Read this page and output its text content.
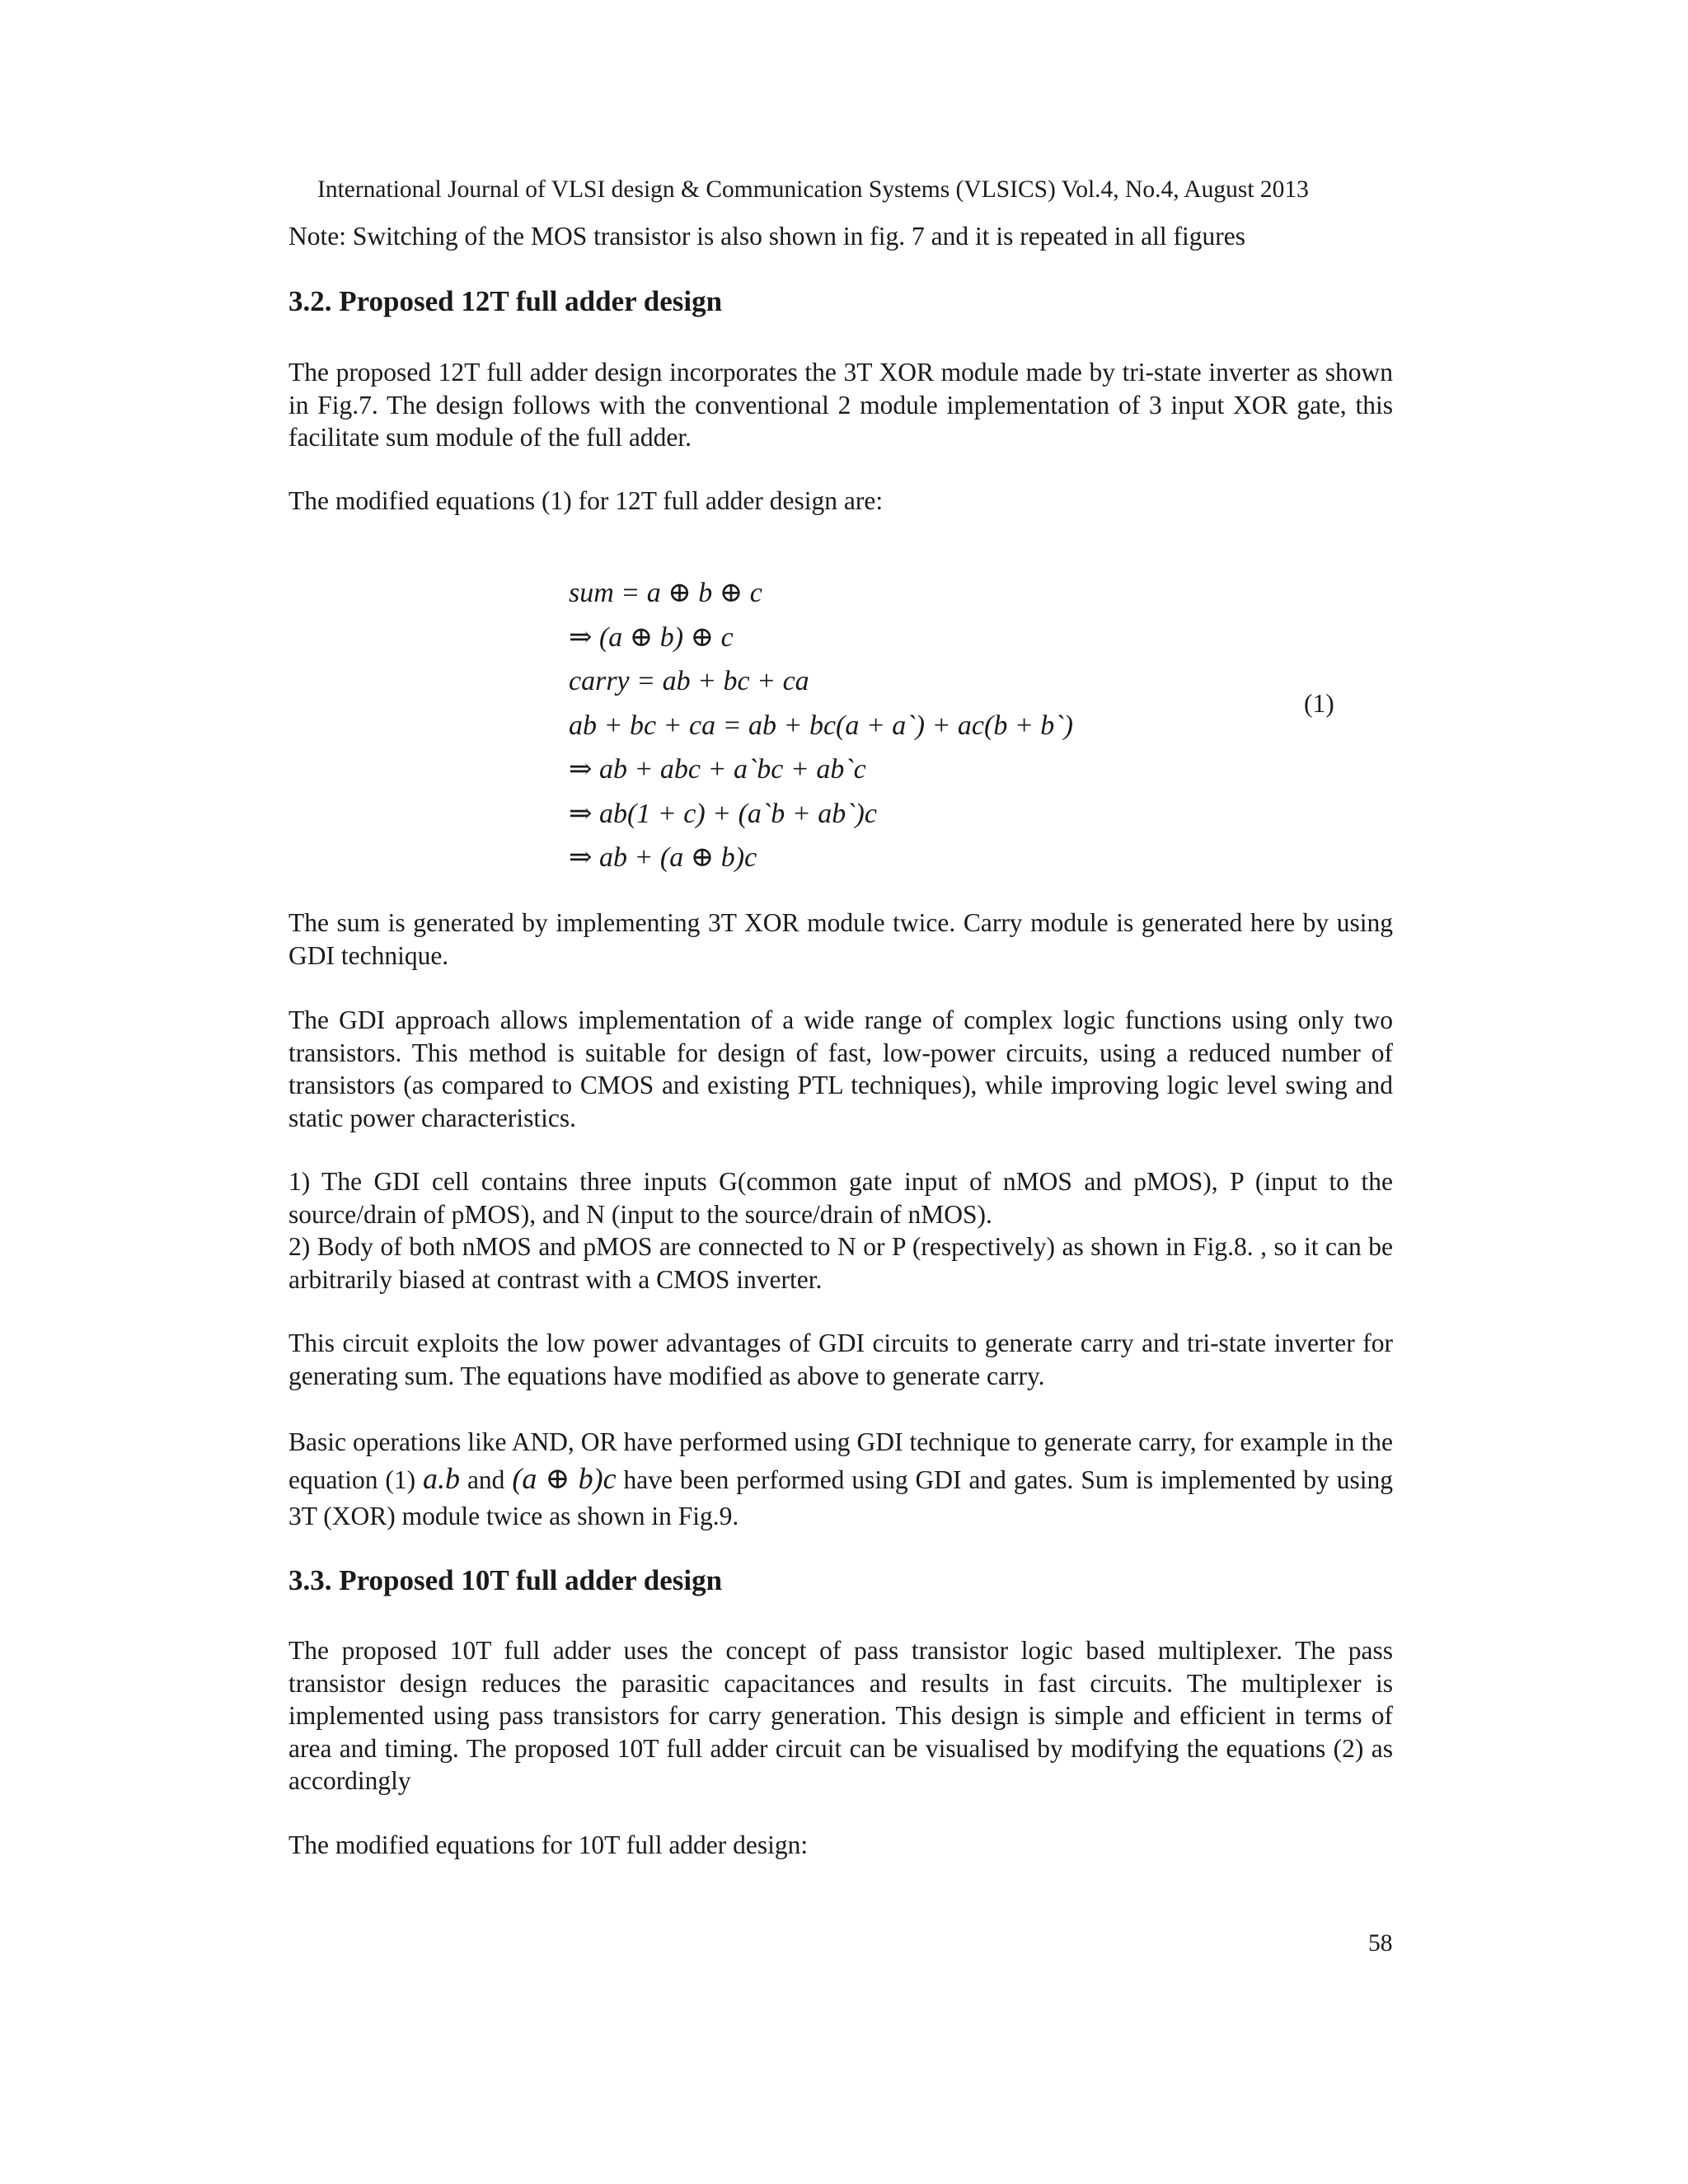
International Journal of VLSI design & Communication Systems (VLSICS) Vol.4, No.4, August 2013

Note: Switching of the MOS transistor is also shown in fig. 7 and it is repeated in all figures

3.2. Proposed 12T full adder design

The proposed 12T full adder design incorporates the 3T XOR module made by tri-state inverter as shown in Fig.7. The design follows with the conventional 2 module implementation of 3 input XOR gate, this facilitate sum module of the full adder.

The modified equations (1) for 12T full adder design are:

sum = a ⊕ b ⊕ c
⇒ (a ⊕ b) ⊕ c
carry = ab + bc + ca
ab + bc + ca = ab + bc(a + a`) + ac(b + b`)
⇒ ab + abc + a`bc + ab`c
⇒ ab(1 + c) + (a`b + ab`)c
⇒ ab + (a ⊕ b)c
(1)

The sum is generated by implementing 3T XOR module twice. Carry module is generated here by using GDI technique.

The GDI approach allows implementation of a wide range of complex logic functions using only two transistors. This method is suitable for design of fast, low-power circuits, using a reduced number of transistors (as compared to CMOS and existing PTL techniques), while improving logic level swing and static power characteristics.

1) The GDI cell contains three inputs G(common gate input of nMOS and pMOS), P (input to the source/drain of pMOS), and N (input to the source/drain of nMOS).

2) Body of both nMOS and pMOS are connected to N or P (respectively) as shown in Fig.8. , so it can be arbitrarily biased at contrast with a CMOS inverter.

This circuit exploits the low power advantages of GDI circuits to generate carry and tri-state inverter for generating sum. The equations have modified as above to generate carry.

Basic operations like AND, OR have performed using GDI technique to generate carry, for example in the equation (1) a.b and (a ⊕ b)c have been performed using GDI and gates. Sum is implemented by using 3T (XOR) module twice as shown in Fig.9.

3.3. Proposed 10T full adder design

The proposed 10T full adder uses the concept of pass transistor logic based multiplexer. The pass transistor design reduces the parasitic capacitances and results in fast circuits. The multiplexer is implemented using pass transistors for carry generation. This design is simple and efficient in terms of area and timing. The proposed 10T full adder circuit can be visualised by modifying the equations (2) as accordingly

The modified equations for 10T full adder design:

58
